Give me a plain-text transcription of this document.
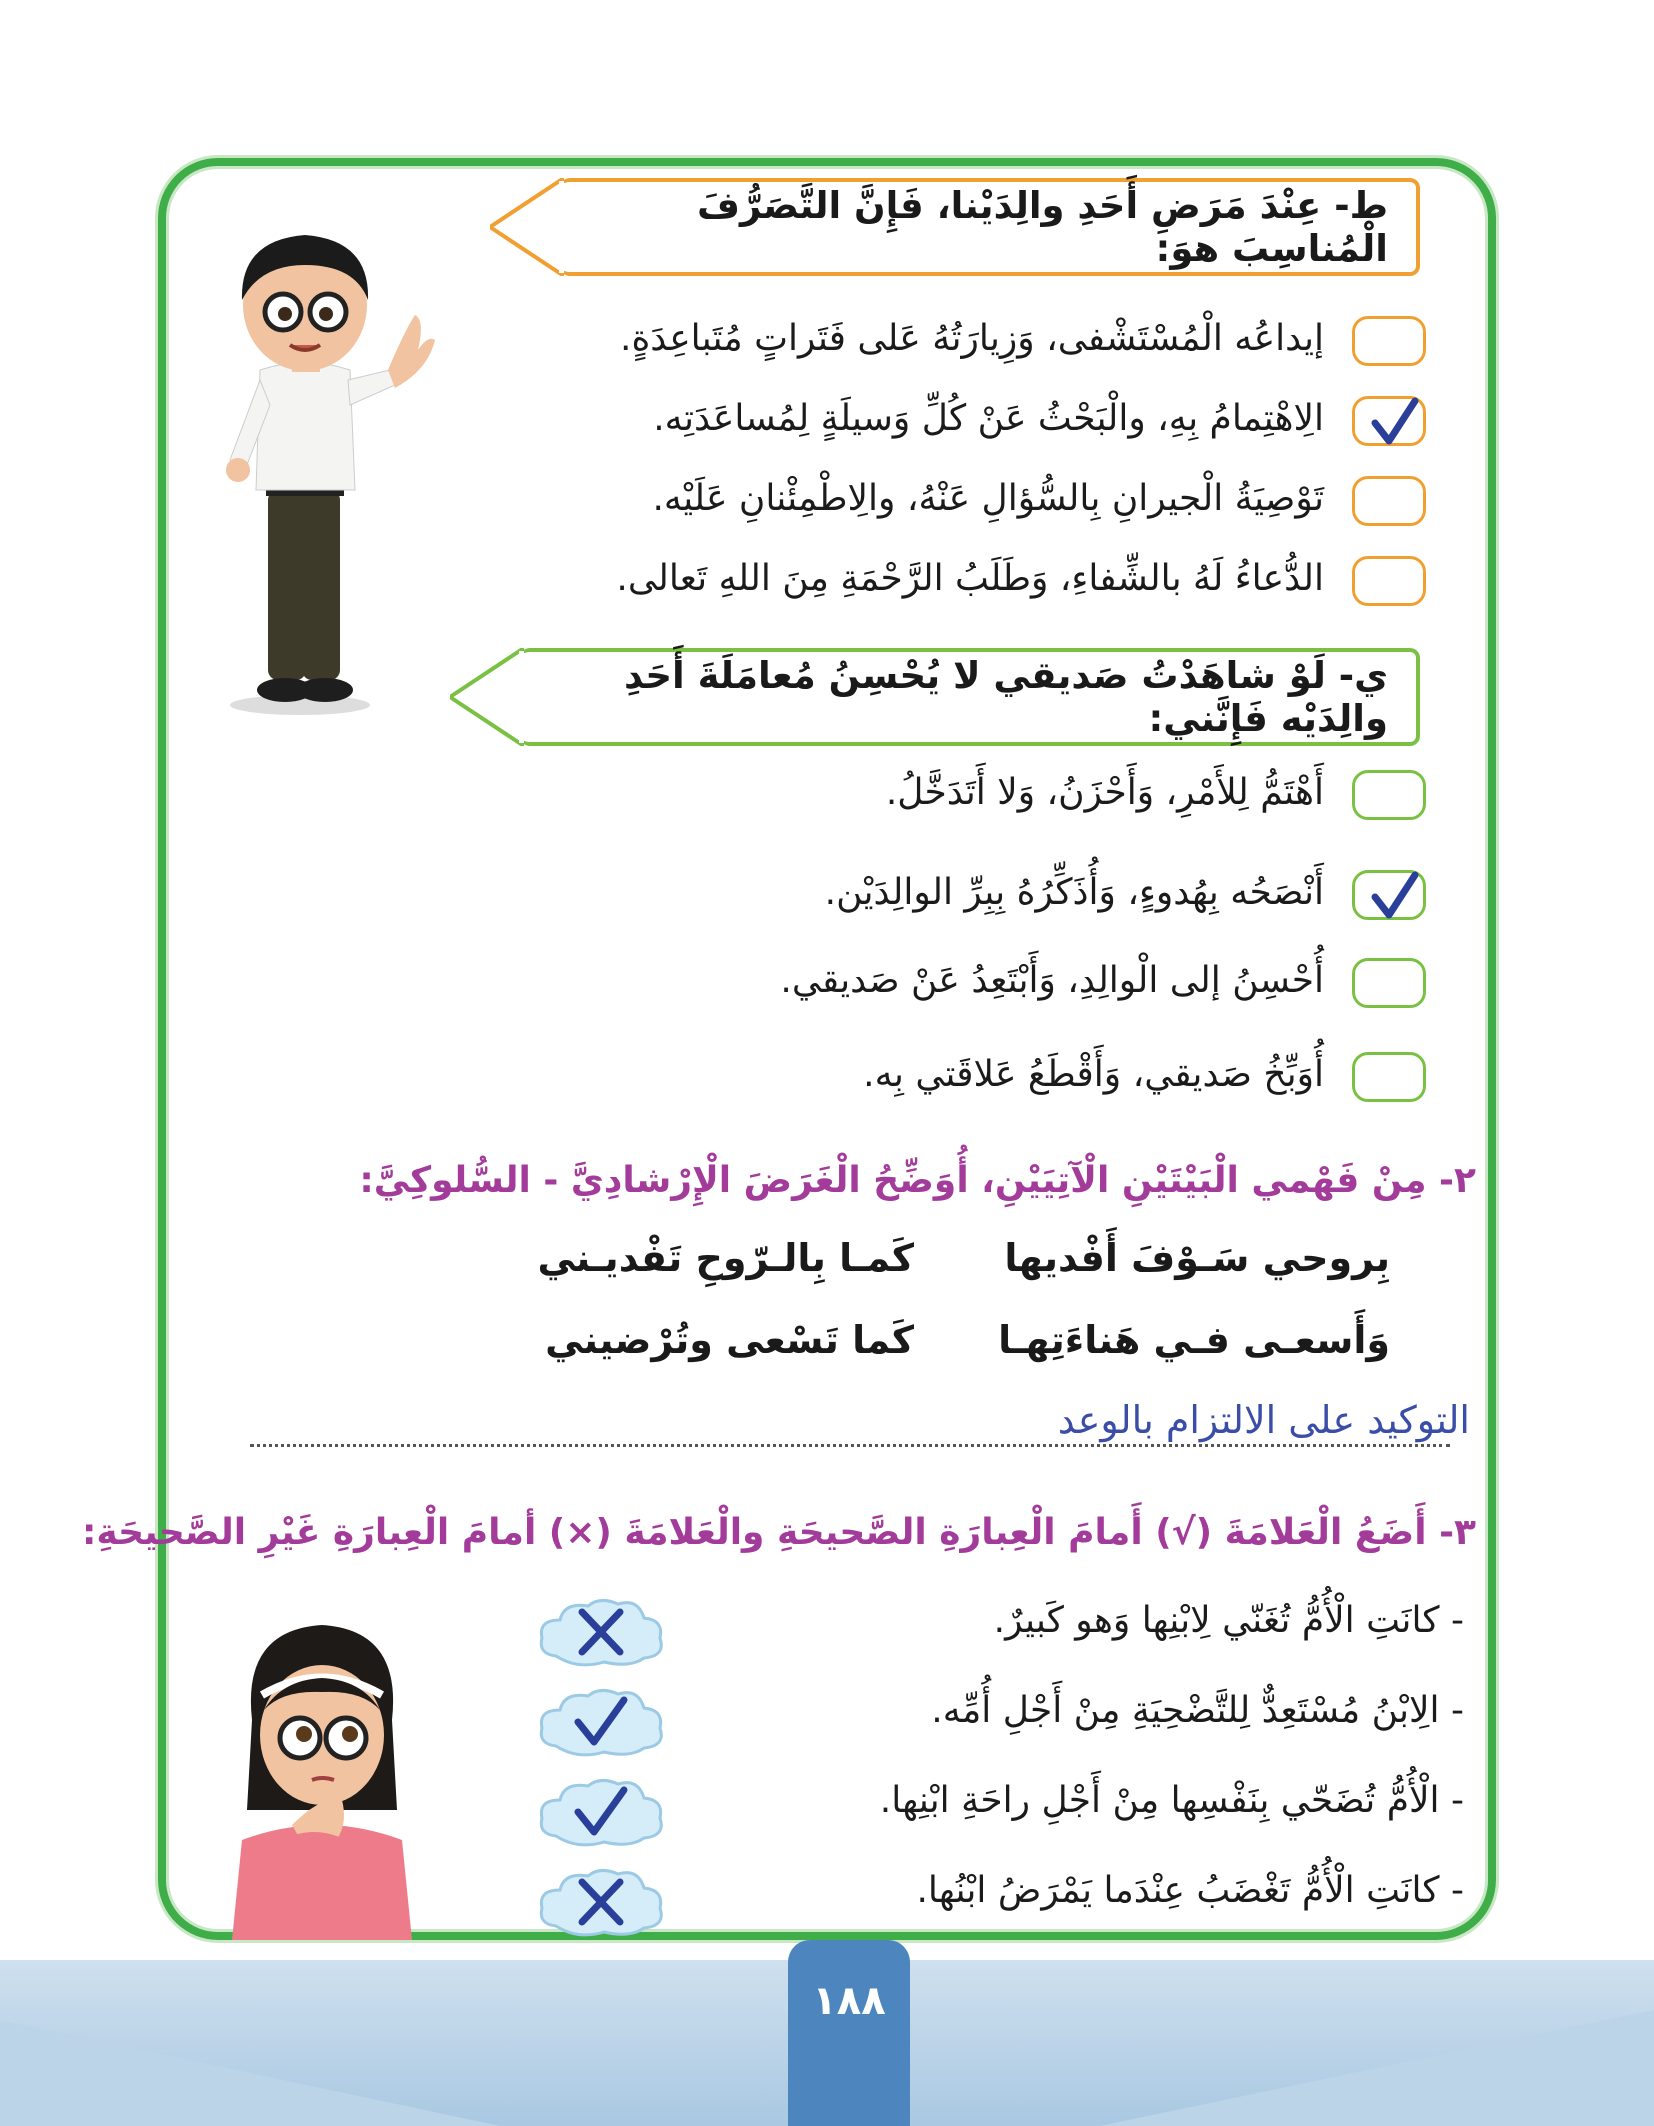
ط- عِنْدَ مَرَضِ أَحَدِ والِدَيْنا، فَإِنَّ التَّصَرُّفَ الْمُناسِبَ هوَ:
إيداعُه الْمُسْتَشْفى، وَزِيارَتُهُ عَلى فَتَراتٍ مُتَباعِدَةٍ.
الِاهْتِمامُ بِهِ، والْبَحْثُ عَنْ كُلِّ وَسيلَةٍ لِمُساعَدَتِه.
تَوْصِيَةُ الْجيرانِ بِالسُّؤالِ عَنْهُ، والِاطْمِئْنانِ عَلَيْه.
الدُّعاءُ لَهُ بالشِّفاءِ، وَطَلَبُ الرَّحْمَةِ مِنَ اللهِ تَعالى.
ي- لَوْ شاهَدْتُ صَديقي لا يُحْسِنُ مُعامَلَةَ أَحَدِ والِدَيْه فَإِنَّني:
أَهْتَمُّ لِلأَمْرِ، وَأَحْزَنُ، وَلا أَتَدَخَّلُ.
أَنْصَحُه بِهُدوءٍ، وَأُذَكِّرُهُ بِبِرِّ الوالِدَيْن.
أُحْسِنُ إلى الْوالِدِ، وَأَبْتَعِدُ عَنْ صَديقي.
أُوَبِّخُ صَديقي، وَأَقْطَعُ عَلاقَتي بِه.
٢- مِنْ فَهْمي الْبَيْتَيْنِ الْآتِيَيْنِ، أُوَضِّحُ الْغَرَضَ الْإِرْشادِيَّ - السُّلوكِيَّ:
بِروحي سَـوْفَ أَفْديها
كَمـا بِالـرّوحِ تَفْديـني
وَأَسعـى فـي هَناءَتِهـا
كَما تَسْعى وتُرْضيني
التوكيد على الالتزام بالوعد
٣- أَضَعُ الْعَلامَةَ (√) أَمامَ الْعِبارَةِ الصَّحيحَةِ والْعَلامَةَ (×) أمامَ الْعِبارَةِ غَيْرِ الصَّحيحَةِ:
- كانَتِ الْأُمُّ تُغَنّي لِابْنِها وَهو كَبيرٌ.
- الِابْنُ مُسْتَعِدٌّ لِلتَّضْحِيَةِ مِنْ أَجْلِ أُمِّه.
- الْأُمُّ تُضَحّي بِنَفْسِها مِنْ أَجْلِ راحَةِ ابْنِها.
- كانَتِ الْأُمُّ تَغْضَبُ عِنْدَما يَمْرَضُ ابْنُها.
١٨٨
